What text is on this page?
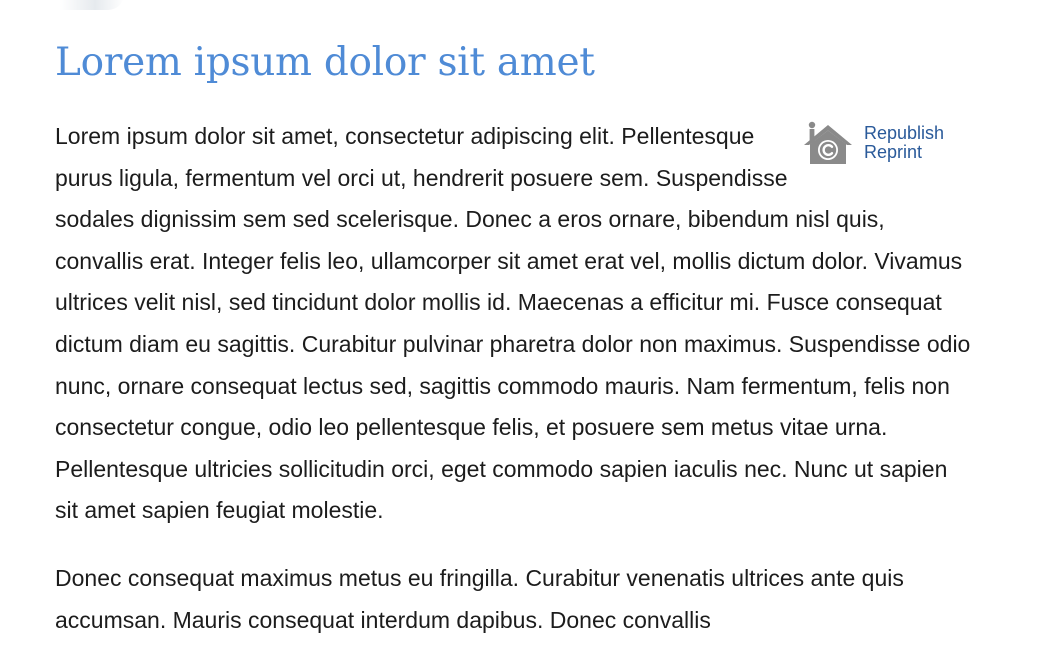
Lorem ipsum dolor sit amet
Republish
Reprint

Lorem ipsum dolor sit amet, consectetur adipiscing elit. Pellentesque purus ligula, fermentum vel orci ut, hendrerit posuere sem. Suspendisse sodales dignissim sem sed scelerisque. Donec a eros ornare, bibendum nisl quis, convallis erat. Integer felis leo, ullamcorper sit amet erat vel, mollis dictum dolor. Vivamus ultrices velit nisl, sed tincidunt dolor mollis id. Maecenas a efficitur mi. Fusce consequat dictum diam eu sagittis. Curabitur pulvinar pharetra dolor non maximus. Suspendisse odio nunc, ornare consequat lectus sed, sagittis commodo mauris. Nam fermentum, felis non consectetur congue, odio leo pellentesque felis, et posuere sem metus vitae urna. Pellentesque ultricies sollicitudin orci, eget commodo sapien iaculis nec. Nunc ut sapien sit amet sapien feugiat molestie.

Donec consequat maximus metus eu fringilla. Curabitur venenatis ultrices ante quis accumsan. Mauris consequat interdum dapibus. Donec convallis
